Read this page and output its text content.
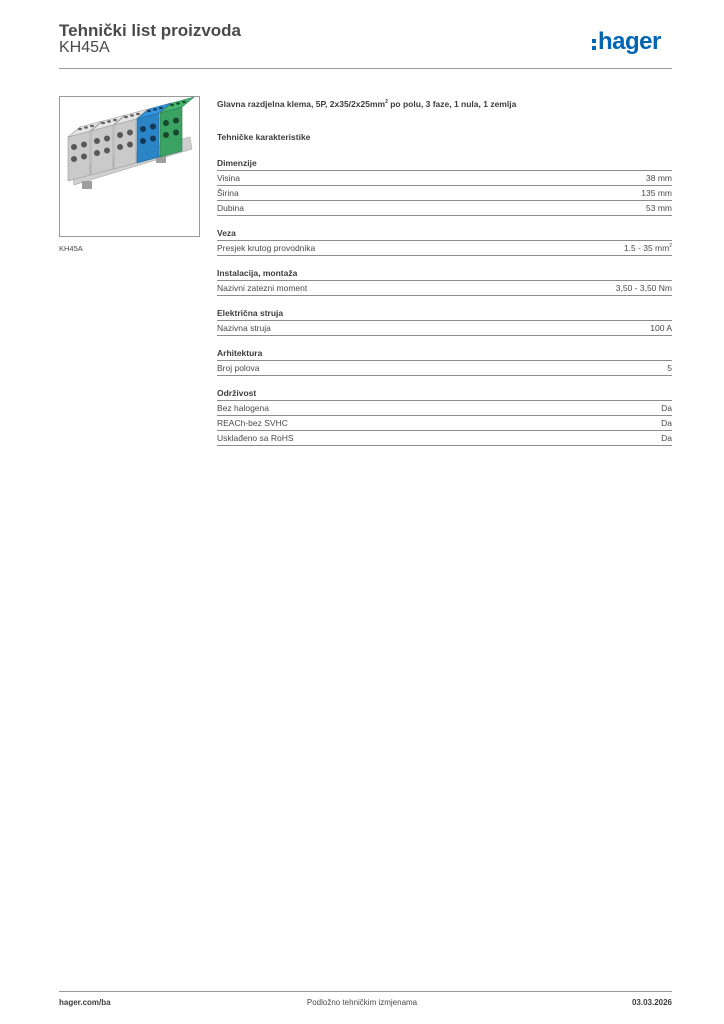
Tehnički list proizvoda
KH45A	hager
KH45A
Glavna razdjelna klema, 5P, $2x35/2x25mm^2$ po polu, 3 faze, 1 nula, 1 zemlja
Tehničke karakteristike
Dimenzije
Visina	38 mm
Širina	135 mm
Dubina	53 mm
Veza
Presjek krutog provodnika	1.5 - 35 $mm^2$
Instalacija, montaža
Nazivni zatezni moment	3,50 - 3,50 Nm
Električna struja
Nazivna struja	100 A
Arhitektura
Broj polova	5
Održivost
Bez halogena	Da
REACh-bez SVHC	Da
Usklađeno sa RoHS	Da
hager.com/ba	Podložno tehničkim izmjenama	03.03.2026
